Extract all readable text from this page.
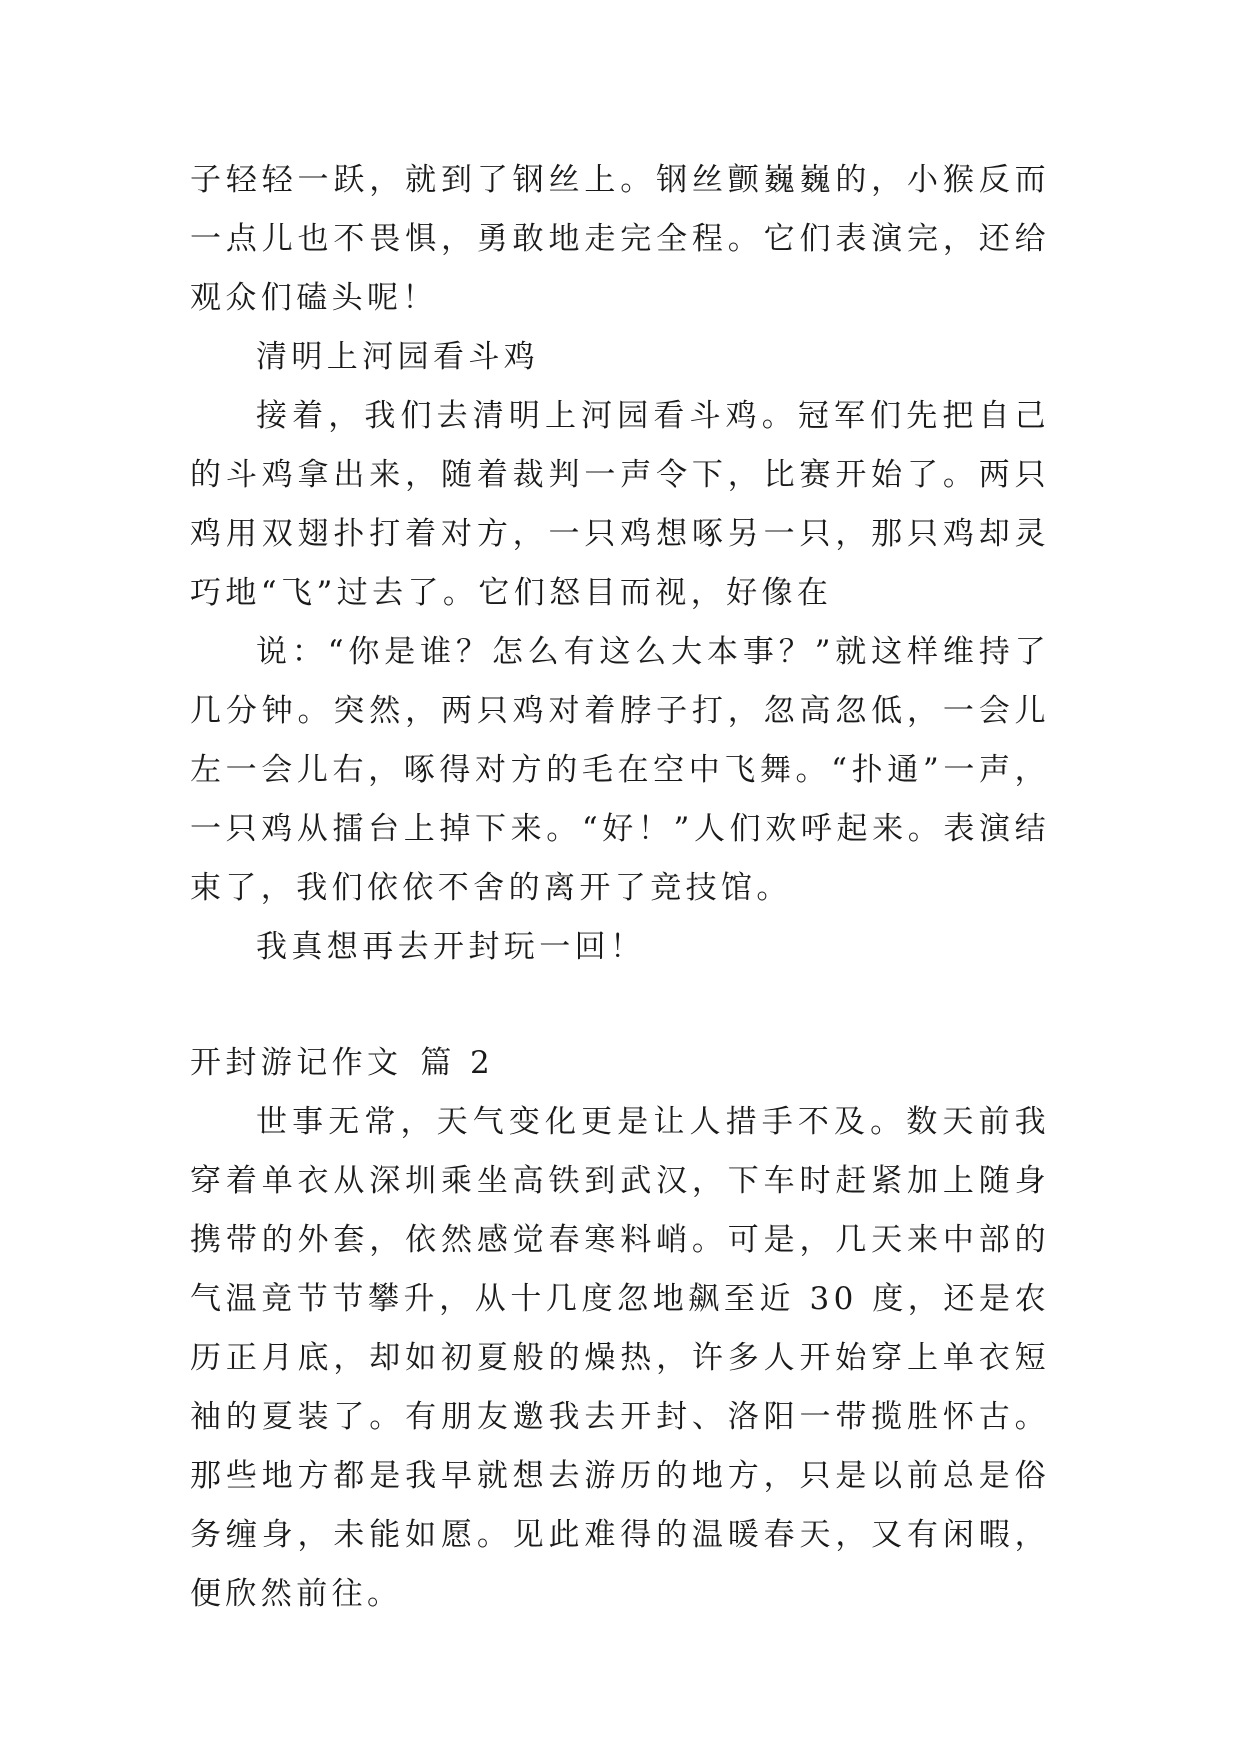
子轻轻一跃，就到了钢丝上。钢丝颤巍巍的，小猴反而一点儿也不畏惧，勇敢地走完全程。它们表演完，还给观众们磕头呢！

清明上河园看斗鸡

接着，我们去清明上河园看斗鸡。冠军们先把自己的斗鸡拿出来，随着裁判一声令下，比赛开始了。两只鸡用双翅扑打着对方，一只鸡想啄另一只，那只鸡却灵巧地“飞”过去了。它们怒目而视，好像在

说：“你是谁？怎么有这么大本事？”就这样维持了几分钟。突然，两只鸡对着脖子打，忽高忽低，一会儿左一会儿右，啄得对方的毛在空中飞舞。“扑通”一声，一只鸡从擂台上掉下来。“好！”人们欢呼起来。表演结束了，我们依依不舍的离开了竞技馆。

我真想再去开封玩一回！

开封游记作文 篇 2

世事无常，天气变化更是让人措手不及。数天前我穿着单衣从深圳乘坐高铁到武汉，下车时赶紧加上随身携带的外套，依然感觉春寒料峭。可是，几天来中部的气温竟节节攀升，从十几度忽地飙至近 30 度，还是农历正月底，却如初夏般的燥热，许多人开始穿上单衣短袖的夏装了。有朋友邀我去开封、洛阳一带揽胜怀古。那些地方都是我早就想去游历的地方，只是以前总是俗务缠身，未能如愿。见此难得的温暖春天，又有闲暇，便欣然前往。
